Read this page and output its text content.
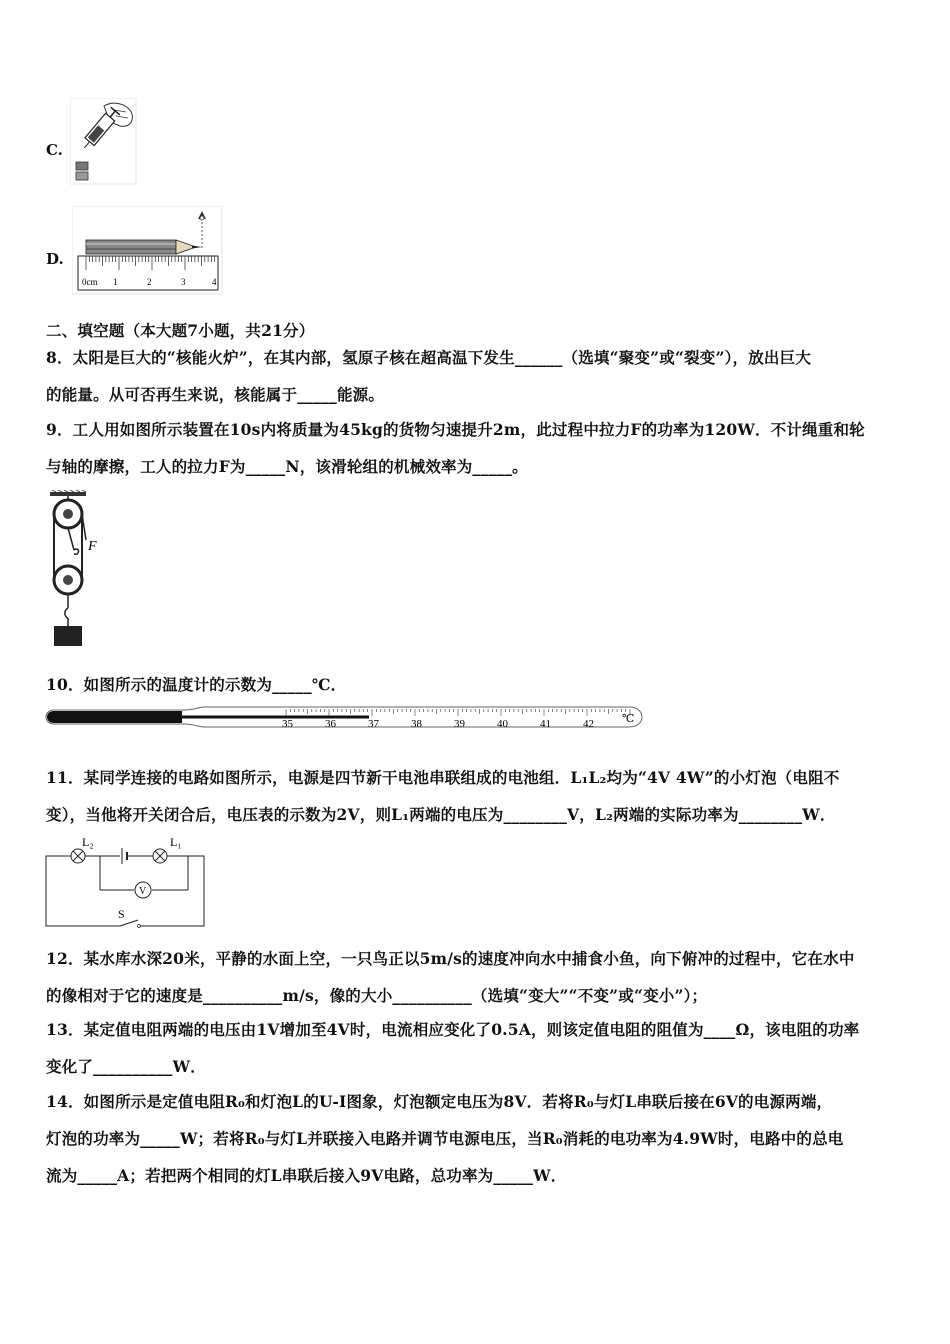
C.
D.
0cm 1	2	3	4
二、填空题（本大题7小题，共21分）
8．太阳是巨大的“核能火炉”，在其内部，氢原子核在超高温下发生______（选填“聚变”或“裂变”），放出巨大
的能量。从可否再生来说，核能属于_____能源。
9．工人用如图所示装置在10s内将质量为45kg的货物匀速提升2m，此过程中拉力F的功率为120W．不计绳重和轮
与轴的摩擦，工人的拉力F为_____N，该滑轮组的机械效率为_____。
F
10．如图所示的温度计的示数为_____℃．
35	36	37	38	39	40	41	42	℃
11．某同学连接的电路如图所示，电源是四节新干电池串联组成的电池组．L₁L₂均为“4V 4W”的小灯泡（电阻不
变），当他将开关闭合后，电压表的示数为2V，则L₁两端的电压为________V，L₂两端的实际功率为________W．
V
L₂	L₁
S
12．某水库水深20米，平静的水面上空，一只鸟正以5m/s的速度冲向水中捕食小鱼，向下俯冲的过程中，它在水中
的像相对于它的速度是__________m/s，像的大小__________（选填“变大”“不变”或“变小”）；
13．某定值电阻两端的电压由1V增加至4V时，电流相应变化了0.5A，则该定值电阻的阻值为____Ω，该电阻的功率
变化了__________W．
14．如图所示是定值电阻R₀和灯泡L的U-I图象，灯泡额定电压为8V．若将R₀与灯L串联后接在6V的电源两端，
灯泡的功率为_____W；若将R₀与灯L并联接入电路并调节电源电压，当R₀消耗的电功率为4.9W时，电路中的总电
流为_____A；若把两个相同的灯L串联后接入9V电路，总功率为_____W．
